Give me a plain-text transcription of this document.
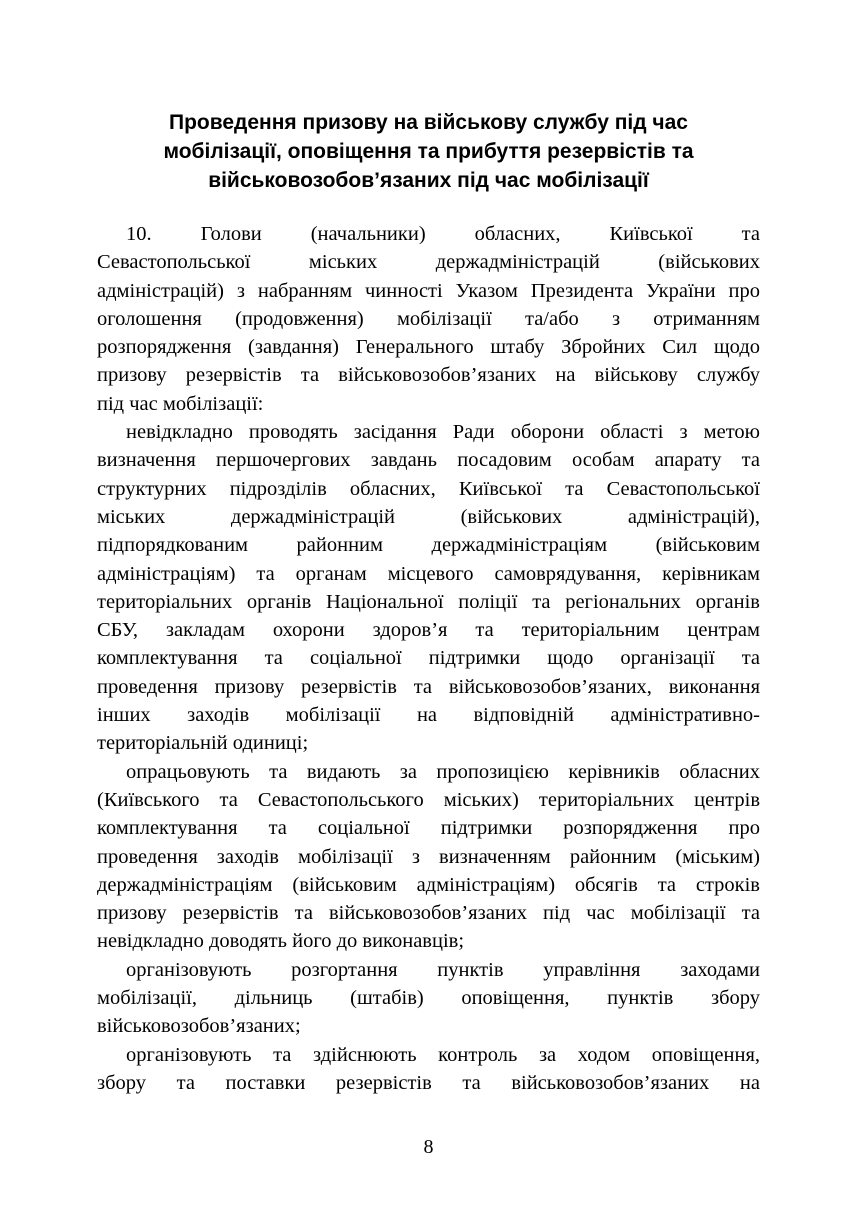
Проведення призову на військову службу під час
мобілізації, оповіщення та прибуття резервістів та
військовозобов’язаних під час мобілізації

10. Голови (начальники) обласних, Київської та
Севастопольської міських держадміністрацій (військових
адміністрацій) з набранням чинності Указом Президента України про
оголошення (продовження) мобілізації та/або з отриманням
розпорядження (завдання) Генерального штабу Збройних Сил щодо
призову резервістів та військовозобов’язаних на військову службу
під час мобілізації:

невідкладно проводять засідання Ради оборони області з метою
визначення першочергових завдань посадовим особам апарату та
структурних підрозділів обласних, Київської та Севастопольської
міських держадміністрацій (військових адміністрацій),
підпорядкованим районним держадміністраціям (військовим
адміністраціям) та органам місцевого самоврядування, керівникам
територіальних органів Національної поліції та регіональних органів
СБУ, закладам охорони здоров’я та територіальним центрам
комплектування та соціальної підтримки щодо організації та
проведення призову резервістів та військовозобов’язаних, виконання
інших заходів мобілізації на відповідній адміністративно-
територіальній одиниці;

опрацьовують та видають за пропозицією керівників обласних
(Київського та Севастопольського міських) територіальних центрів
комплектування та соціальної підтримки розпорядження про
проведення заходів мобілізації з визначенням районним (міським)
держадміністраціям (військовим адміністраціям) обсягів та строків
призову резервістів та військовозобов’язаних під час мобілізації та
невідкладно доводять його до виконавців;

організовують розгортання пунктів управління заходами
мобілізації, дільниць (штабів) оповіщення, пунктів збору
військовозобов’язаних;

організовують та здійснюють контроль за ходом оповіщення,
збору та поставки резервістів та військовозобов’язаних на

8
